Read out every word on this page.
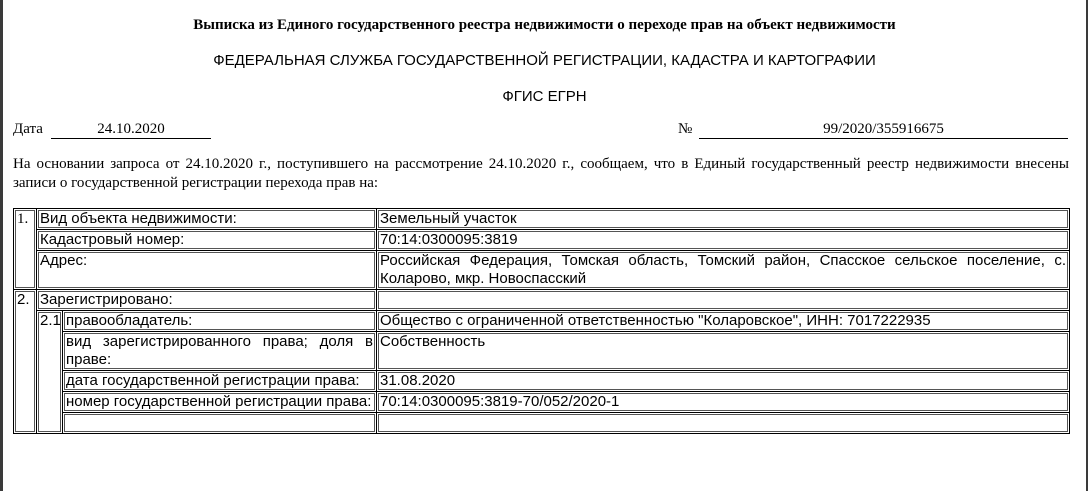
Выписка из Единого государственного реестра недвижимости о переходе прав на объект недвижимости
ФЕДЕРАЛЬНАЯ СЛУЖБА ГОСУДАРСТВЕННОЙ РЕГИСТРАЦИИ, КАДАСТРА И КАРТОГРАФИИ
ФГИС ЕГРН
Дата	24.10.2020	№	99/2020/355916675
На основании запроса от 24.10.2020 г., поступившего на рассмотрение 24.10.2020 г., сообщаем, что в Единый государственный реестр недвижимости внесены записи о государственной регистрации перехода прав на:
1.	Вид объекта недвижимости:		Земельный участок
	Кадастровый номер:		70:14:0300095:3819
	Адрес:		Российская Федерация, Томская область, Томский район, Спасское сельское поселение, с. Коларово, мкр. Новоспасский
2.	Зарегистрировано:		
	2.1	правообладатель:	Общество с ограниченной ответственностью "Коларовское", ИНН: 7017222935
		вид зарегистрированного права; доля в праве:	Собственность
		дата государственной регистрации права:	31.08.2020
		номер государственной регистрации права:	70:14:0300095:3819-70/052/2020-1
